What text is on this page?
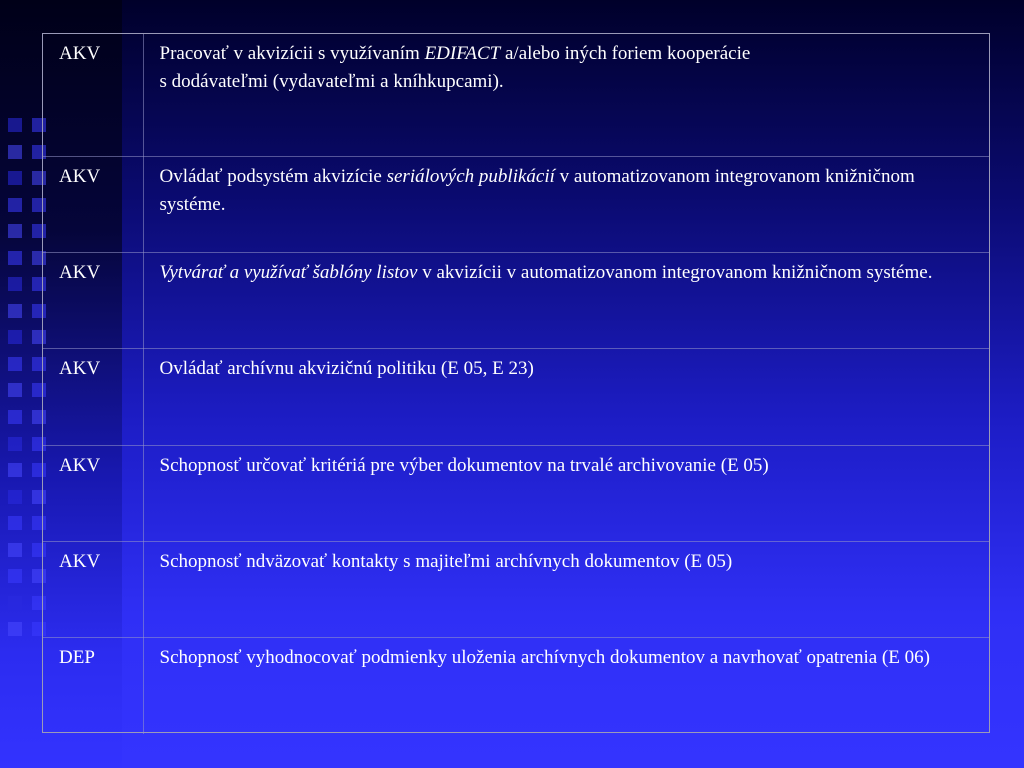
AKV	Pracovať v akvizícii s využívaním EDIFACT a/alebo iných foriem kooperácie
s dodávateľmi (vydavateľmi a kníhkupcami).
AKV	Ovládať podsystém akvizície seriálových publikácií v automatizovanom integrovanom knižničnom systéme.
AKV	Vytvárať a využívať šablóny listov v akvizícii v automatizovanom integrovanom knižničnom systéme.
AKV	Ovládať archívnu akvizičnú politiku (E 05, E 23)
AKV	Schopnosť určovať kritériá pre výber dokumentov na trvalé archivovanie (E 05)
AKV	Schopnosť ndväzovať kontakty s majiteľmi archívnych dokumentov (E 05)
DEP	Schopnosť vyhodnocovať podmienky uloženia archívnych dokumentov a navrhovať opatrenia (E 06)
